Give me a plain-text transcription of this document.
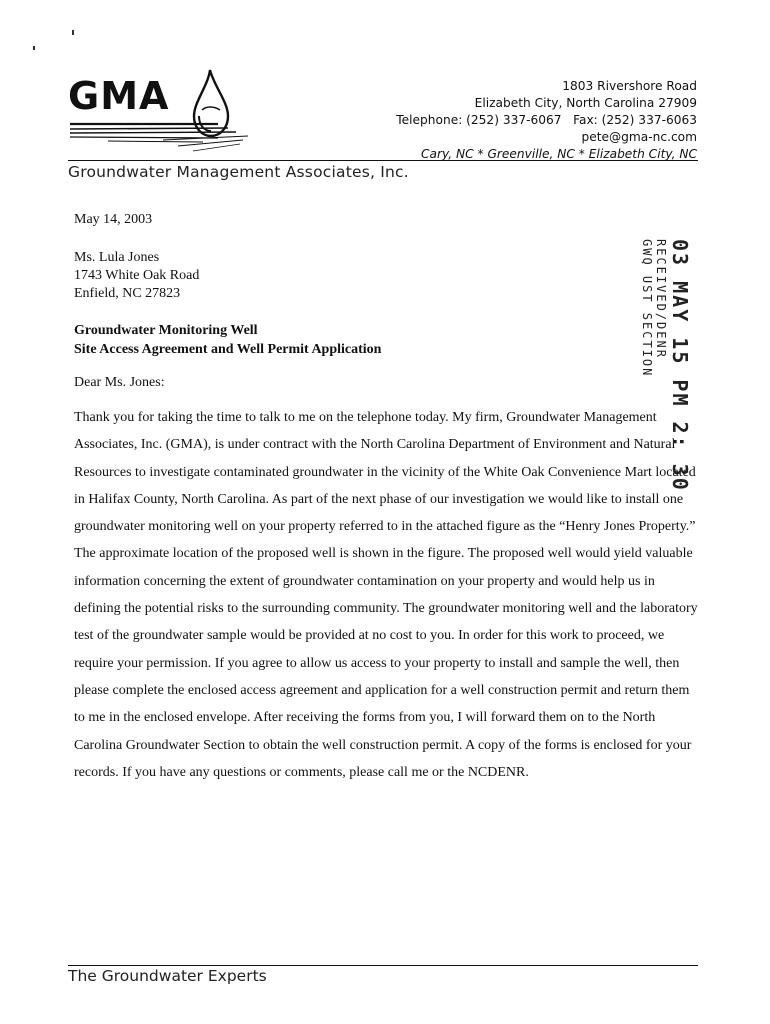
GMA	1803 Rivershore Road
Elizabeth City, North Carolina 27909
Telephone: (252) 337-6067   Fax: (252) 337-6063
pete@gma-nc.com
Cary, NC * Greenville, NC * Elizabeth City, NC
Groundwater Management Associates, Inc.
May 14, 2003
Ms. Lula Jones
1743 White Oak Road
Enfield, NC 27823
Groundwater Monitoring Well
Site Access Agreement and Well Permit Application
Dear Ms. Jones:
Thank you for taking the time to talk to me on the telephone today. My firm, Groundwater Management Associates, Inc. (GMA), is under contract with the North Carolina Department of Environment and Natural Resources to investigate contaminated groundwater in the vicinity of the White Oak Convenience Mart located in Halifax County, North Carolina. As part of the next phase of our investigation we would like to install one groundwater monitoring well on your property referred to in the attached figure as the “Henry Jones Property.” The approximate location of the proposed well is shown in the figure. The proposed well would yield valuable information concerning the extent of groundwater contamination on your property and would help us in defining the potential risks to the surrounding community. The groundwater monitoring well and the laboratory test of the groundwater sample would be provided at no cost to you. In order for this work to proceed, we require your permission. If you agree to allow us access to your property to install and sample the well, then please complete the enclosed access agreement and application for a well construction permit and return them to me in the enclosed envelope. After receiving the forms from you, I will forward them on to the North Carolina Groundwater Section to obtain the well construction permit. A copy of the forms is enclosed for your records. If you have any questions or comments, please call me or the NCDENR.
03 MAY 15 PM 2: 30
RECEIVED/DENR
GWQ UST SECTION
The Groundwater Experts
